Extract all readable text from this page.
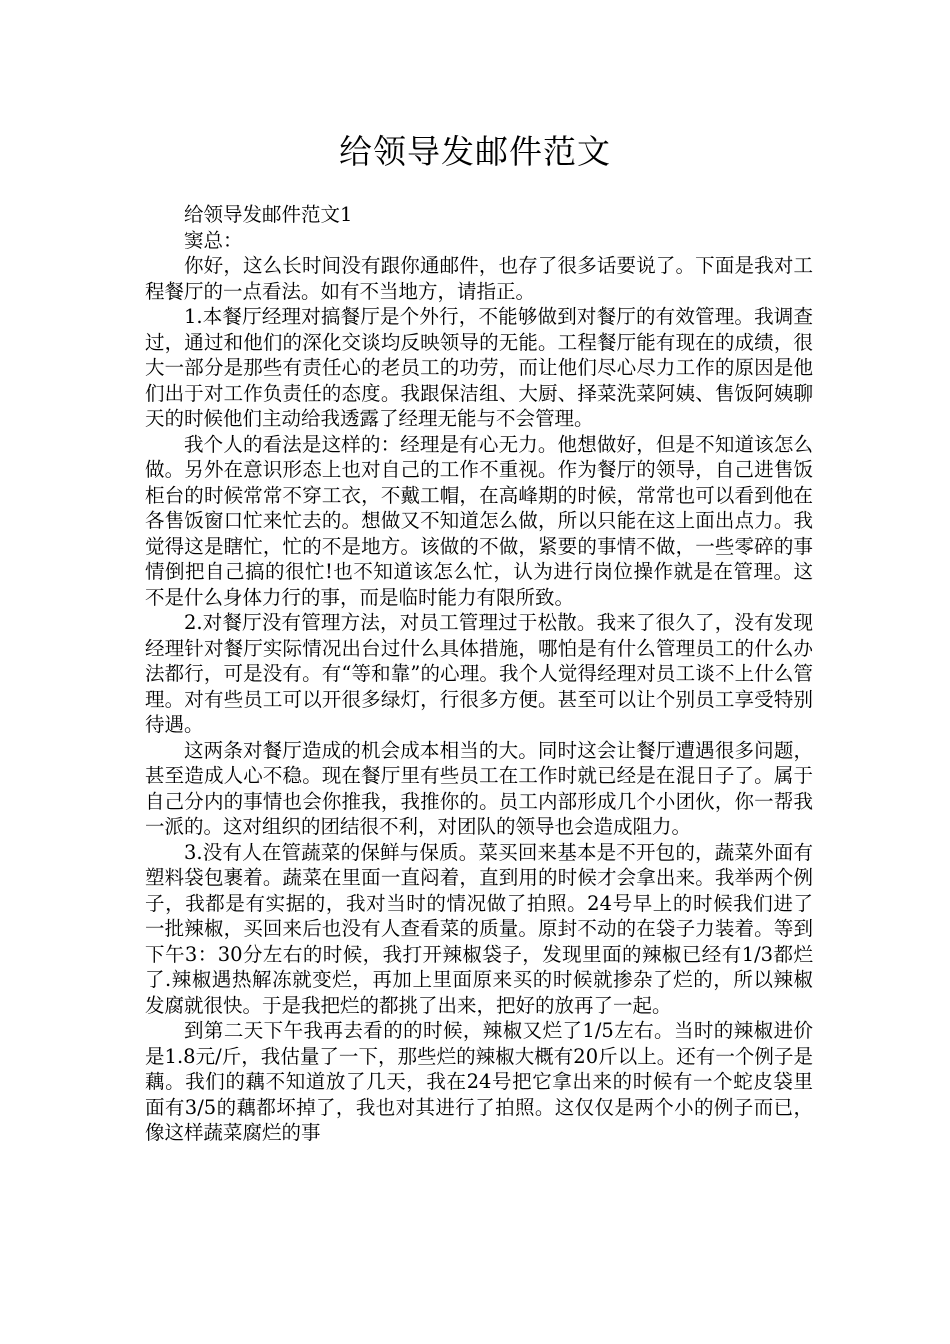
给领导发邮件范文

给领导发邮件范文1

窦总：

你好，这么长时间没有跟你通邮件，也存了很多话要说了。下面是我对工程餐厅的一点看法。如有不当地方，请指正。

1.本餐厅经理对搞餐厅是个外行，不能够做到对餐厅的有效管理。我调查过，通过和他们的深化交谈均反映领导的无能。工程餐厅能有现在的成绩，很大一部分是那些有责任心的老员工的功劳，而让他们尽心尽力工作的原因是他们出于对工作负责任的态度。我跟保洁组、大厨、择菜洗菜阿姨、售饭阿姨聊天的时候他们主动给我透露了经理无能与不会管理。

我个人的看法是这样的：经理是有心无力。他想做好，但是不知道该怎么做。另外在意识形态上也对自己的工作不重视。作为餐厅的领导，自己进售饭柜台的时候常常不穿工衣，不戴工帽，在高峰期的时候，常常也可以看到他在各售饭窗口忙来忙去的。想做又不知道怎么做，所以只能在这上面出点力。我觉得这是瞎忙，忙的不是地方。该做的不做，紧要的事情不做，一些零碎的事情倒把自己搞的很忙!也不知道该怎么忙，认为进行岗位操作就是在管理。这不是什么身体力行的事，而是临时能力有限所致。

2.对餐厅没有管理方法，对员工管理过于松散。我来了很久了，没有发现经理针对餐厅实际情况出台过什么具体措施，哪怕是有什么管理员工的什么办法都行，可是没有。有“等和靠”的心理。我个人觉得经理对员工谈不上什么管理。对有些员工可以开很多绿灯，行很多方便。甚至可以让个别员工享受特别待遇。

这两条对餐厅造成的机会成本相当的大。同时这会让餐厅遭遇很多问题，甚至造成人心不稳。现在餐厅里有些员工在工作时就已经是在混日子了。属于自己分内的事情也会你推我，我推你的。员工内部形成几个小团伙，你一帮我一派的。这对组织的团结很不利，对团队的领导也会造成阻力。

3.没有人在管蔬菜的保鲜与保质。菜买回来基本是不开包的，蔬菜外面有塑料袋包裹着。蔬菜在里面一直闷着，直到用的时候才会拿出来。我举两个例子，我都是有实据的，我对当时的情况做了拍照。24号早上的时候我们进了一批辣椒，买回来后也没有人查看菜的质量。原封不动的在袋子力装着。等到下午3：30分左右的时候，我打开辣椒袋子，发现里面的辣椒已经有1/3都烂了.辣椒遇热解冻就变烂，再加上里面原来买的时候就掺杂了烂的，所以辣椒发腐就很快。于是我把烂的都挑了出来，把好的放再了一起。

到第二天下午我再去看的的时候，辣椒又烂了1/5左右。当时的辣椒进价是1.8元/斤，我估量了一下，那些烂的辣椒大概有20斤以上。还有一个例子是藕。我们的藕不知道放了几天，我在24号把它拿出来的时候有一个蛇皮袋里面有3/5的藕都坏掉了，我也对其进行了拍照。这仅仅是两个小的例子而已，像这样蔬菜腐烂的事
